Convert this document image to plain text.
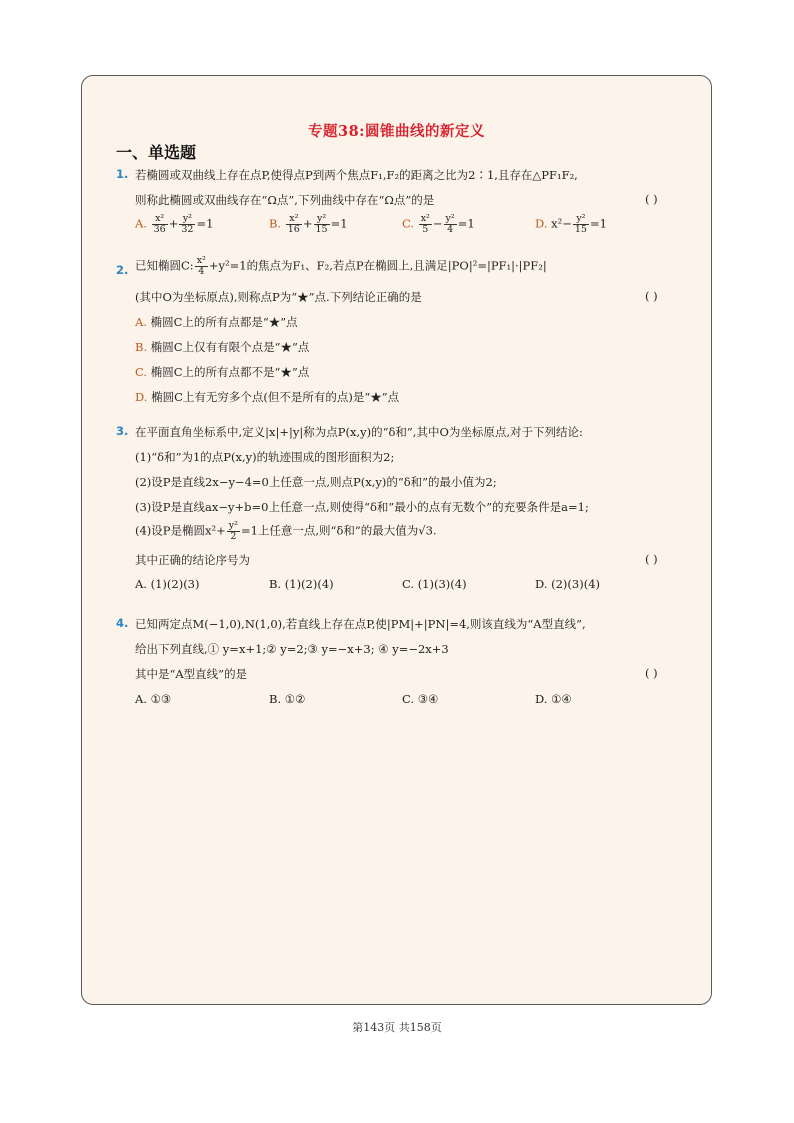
专题38:圆锥曲线的新定义
一、单选题
1. 若椭圆或双曲线上存在点P,使得点P到两个焦点F₁,F₂的距离之比为2∶1,且存在△PF₁F₂,
则称此椭圆或双曲线存在“Ω点”,下列曲线中存在“Ω点”的是	( )
A. $\frac{\text{x²}}{36} + \frac{\text{y²}}{32} =1$	B. $\frac{\text{x²}}{16} + \frac{\text{y²}}{15} =1$	C. $\frac{\text{x²}}{5} - \frac{\text{y²}}{4} =1$	D. $x^2- \frac{\text{y²}}{15} =1$
2. 已知椭圆C: $\frac{\text{x²}}{4} +y^2=1$的焦点为F₁、F₂,若点P在椭圆上,且满足|PO|²=|PF₁|·|PF₂|
(其中O为坐标原点),则称点P为“★”点.下列结论正确的是	( )
A. 椭圆C上的所有点都是“★”点
B. 椭圆C上仅有有限个点是“★”点
C. 椭圆C上的所有点都不是“★”点
D. 椭圆C上有无穷多个点(但不是所有的点)是“★”点
3. 在平面直角坐标系中,定义|x|+|y|称为点P(x,y)的“δ和”,其中O为坐标原点,对于下列结论:
(1)“δ和”为1的点P(x,y)的轨迹围成的图形面积为2;
(2)设P是直线2x−y−4=0上任意一点,则点P(x,y)的“δ和”的最小值为2;
(3)设P是直线ax−y+b=0上任意一点,则使得“δ和”最小的点有无数个”的充要条件是a=1;
(4)设P是椭圆$x^2+ \frac{\text{y²}}{2} =1$上任意一点,则“δ和”的最大值为√3.
其中正确的结论序号为	( )
A. (1)(2)(3)	B. (1)(2)(4)	C. (1)(3)(4)	D. (2)(3)(4)
4. 已知两定点M(−1,0),N(1,0),若直线上存在点P,使|PM|+|PN|=4,则该直线为“A型直线”,
给出下列直线,① y=x+1;② y=2;③ y=−x+3; ④ y=−2x+3
其中是“A型直线”的是	( )
A. ①③	B. ①②	C. ③④	D. ①④
第143页 共158页
